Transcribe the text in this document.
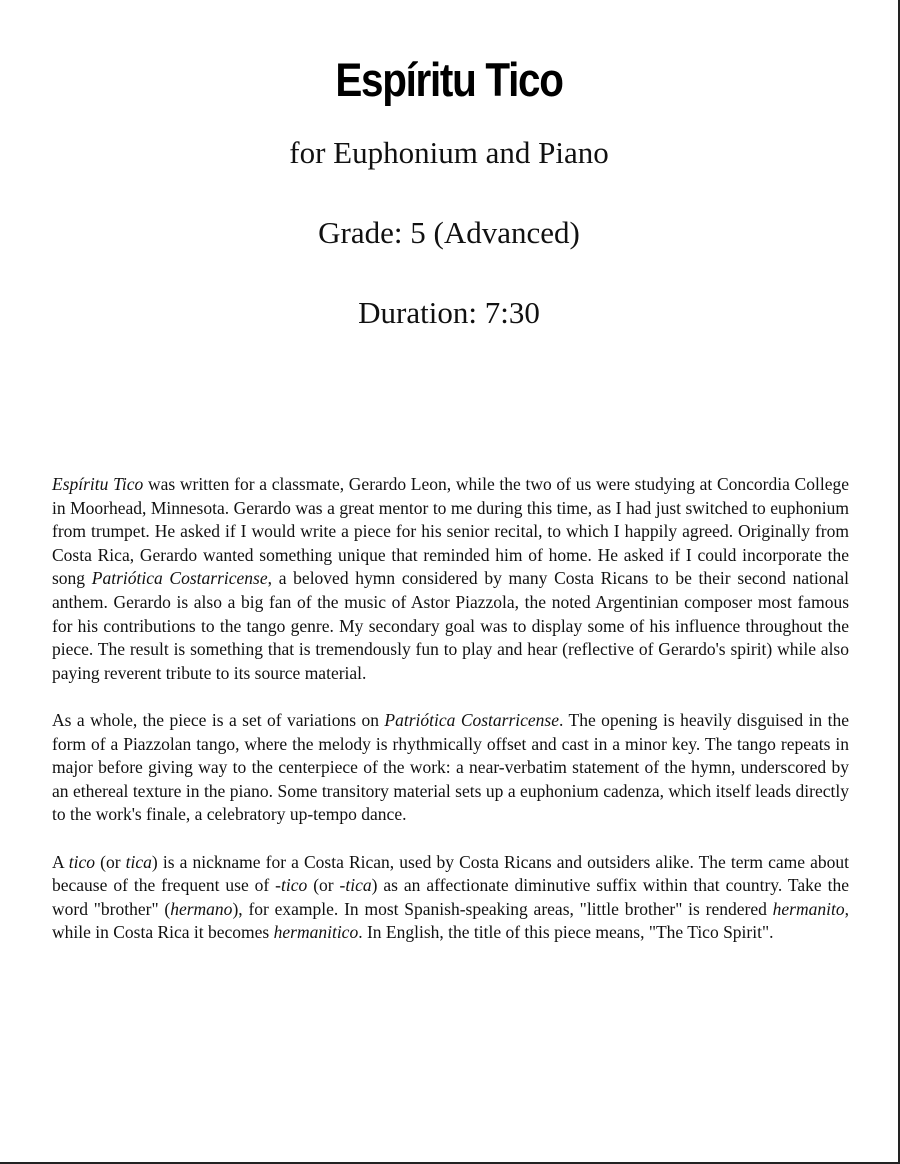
Espíritu Tico
for Euphonium and Piano
Grade: 5 (Advanced)
Duration: 7:30

Espíritu Tico was written for a classmate, Gerardo Leon, while the two of us were studying at Concordia College in Moorhead, Minnesota. Gerardo was a great mentor to me during this time, as I had just switched to euphonium from trumpet. He asked if I would write a piece for his senior recital, to which I happily agreed. Originally from Costa Rica, Gerardo wanted something unique that reminded him of home. He asked if I could incorporate the song Patriótica Costarricense, a beloved hymn considered by many Costa Ricans to be their second national anthem. Gerardo is also a big fan of the music of Astor Piazzola, the noted Argentinian composer most famous for his contributions to the tango genre. My secondary goal was to display some of his influence throughout the piece. The result is something that is tremendously fun to play and hear (reflective of Gerardo's spirit) while also paying reverent tribute to its source material.

As a whole, the piece is a set of variations on Patriótica Costarricense. The opening is heavily disguised in the form of a Piazzolan tango, where the melody is rhythmically offset and cast in a minor key. The tango repeats in major before giving way to the centerpiece of the work: a near-verbatim statement of the hymn, underscored by an ethereal texture in the piano. Some transitory material sets up a euphonium cadenza, which itself leads directly to the work's finale, a celebratory up-tempo dance.

A tico (or tica) is a nickname for a Costa Rican, used by Costa Ricans and outsiders alike. The term came about because of the frequent use of -tico (or -tica) as an affectionate diminutive suffix within that country. Take the word "brother" (hermano), for example. In most Spanish-speaking areas, "little brother" is rendered hermanito, while in Costa Rica it becomes hermanitico. In English, the title of this piece means, "The Tico Spirit".
